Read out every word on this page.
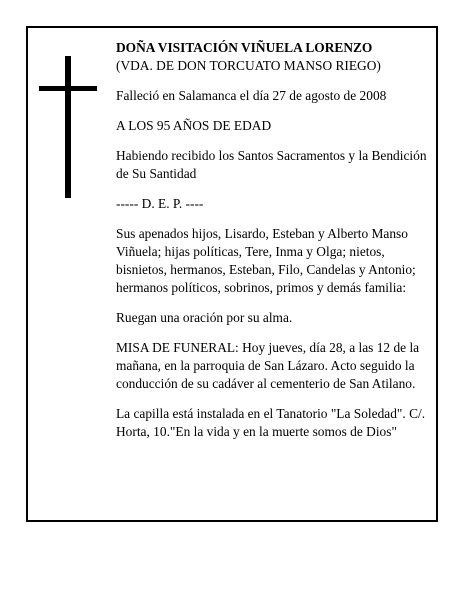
DOÑA VISITACIÓN VIÑUELA LORENZO
(VDA. DE DON TORCUATO MANSO RIEGO)

Falleció en Salamanca el día 27 de agosto de 2008

A LOS 95 AÑOS DE EDAD

Habiendo recibido los Santos Sacramentos y la Bendición de Su Santidad

----- D. E. P. ----

Sus apenados hijos, Lisardo, Esteban y Alberto Manso Viñuela; hijas políticas, Tere, Inma y Olga; nietos, bisnietos, hermanos, Esteban, Filo, Candelas y Antonio; hermanos políticos, sobrinos, primos y demás familia:

Ruegan una oración por su alma.

MISA DE FUNERAL: Hoy jueves, día 28, a las 12 de la mañana, en la parroquia de San Lázaro. Acto seguido la conducción de su cadáver al cementerio de San Atilano.

La capilla está instalada en el Tanatorio "La Soledad". C/. Horta, 10."En la vida y en la muerte somos de Dios"
